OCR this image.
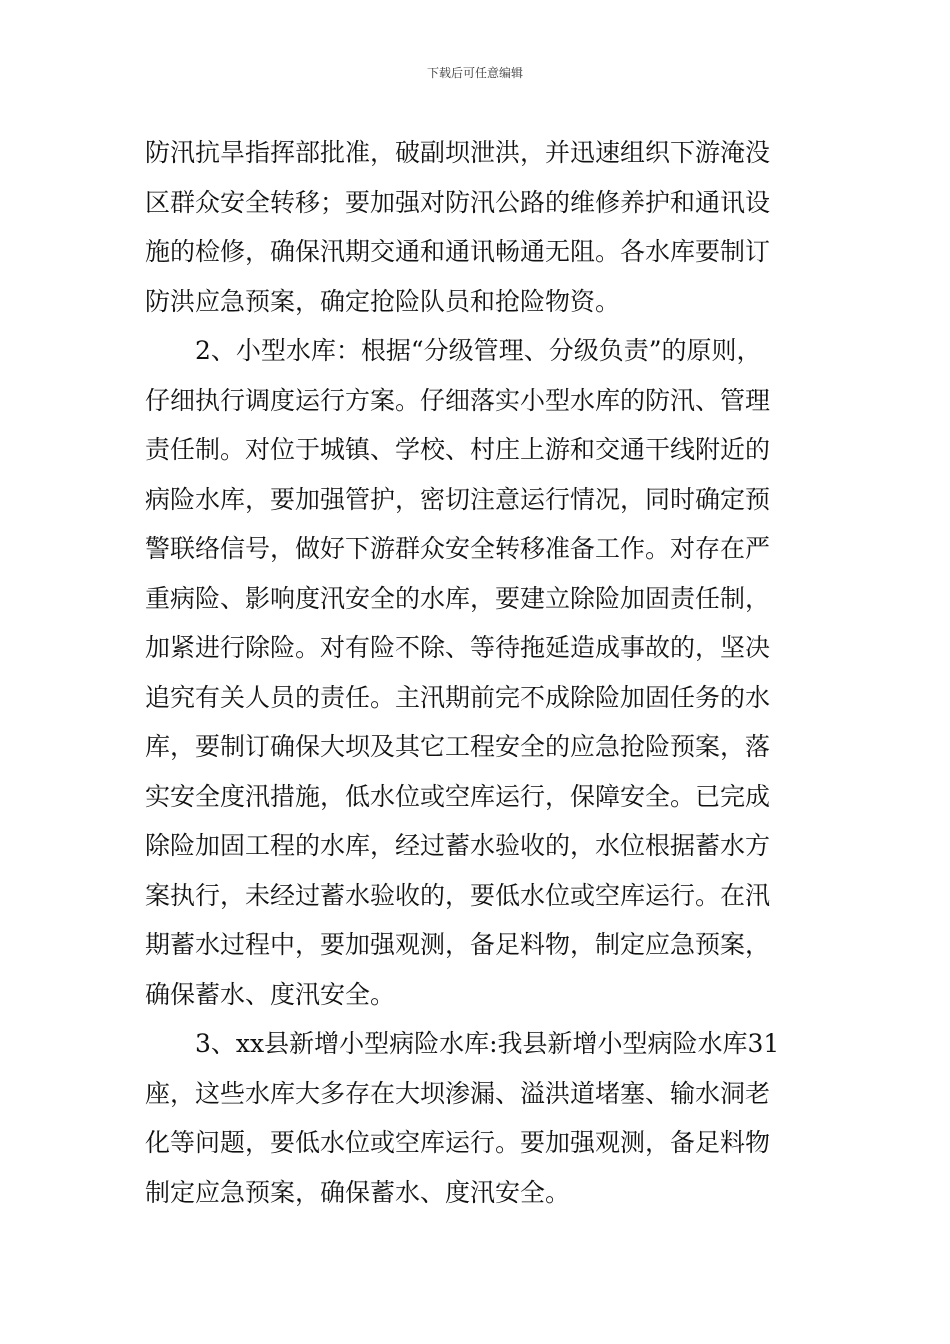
下载后可任意编辑
防汛抗旱指挥部批准，破副坝泄洪，并迅速组织下游淹没
区群众安全转移；要加强对防汛公路的维修养护和通讯设
施的检修，确保汛期交通和通讯畅通无阻。各水库要制订
防洪应急预案，确定抢险队员和抢险物资。
2、小型水库：根据“分级管理、分级负责”的原则，
仔细执行调度运行方案。仔细落实小型水库的防汛、管理
责任制。对位于城镇、学校、村庄上游和交通干线附近的
病险水库，要加强管护，密切注意运行情况，同时确定预
警联络信号，做好下游群众安全转移准备工作。对存在严
重病险、影响度汛安全的水库，要建立除险加固责任制，
加紧进行除险。对有险不除、等待拖延造成事故的，坚决
追究有关人员的责任。主汛期前完不成除险加固任务的水
库，要制订确保大坝及其它工程安全的应急抢险预案，落
实安全度汛措施，低水位或空库运行，保障安全。已完成
除险加固工程的水库，经过蓄水验收的，水位根据蓄水方
案执行，未经过蓄水验收的，要低水位或空库运行。在汛
期蓄水过程中，要加强观测，备足料物，制定应急预案，
确保蓄水、度汛安全。
3、xx县新增小型病险水库:我县新增小型病险水库31
座，这些水库大多存在大坝渗漏、溢洪道堵塞、输水洞老
化等问题，要低水位或空库运行。要加强观测，备足料物
制定应急预案，确保蓄水、度汛安全。
